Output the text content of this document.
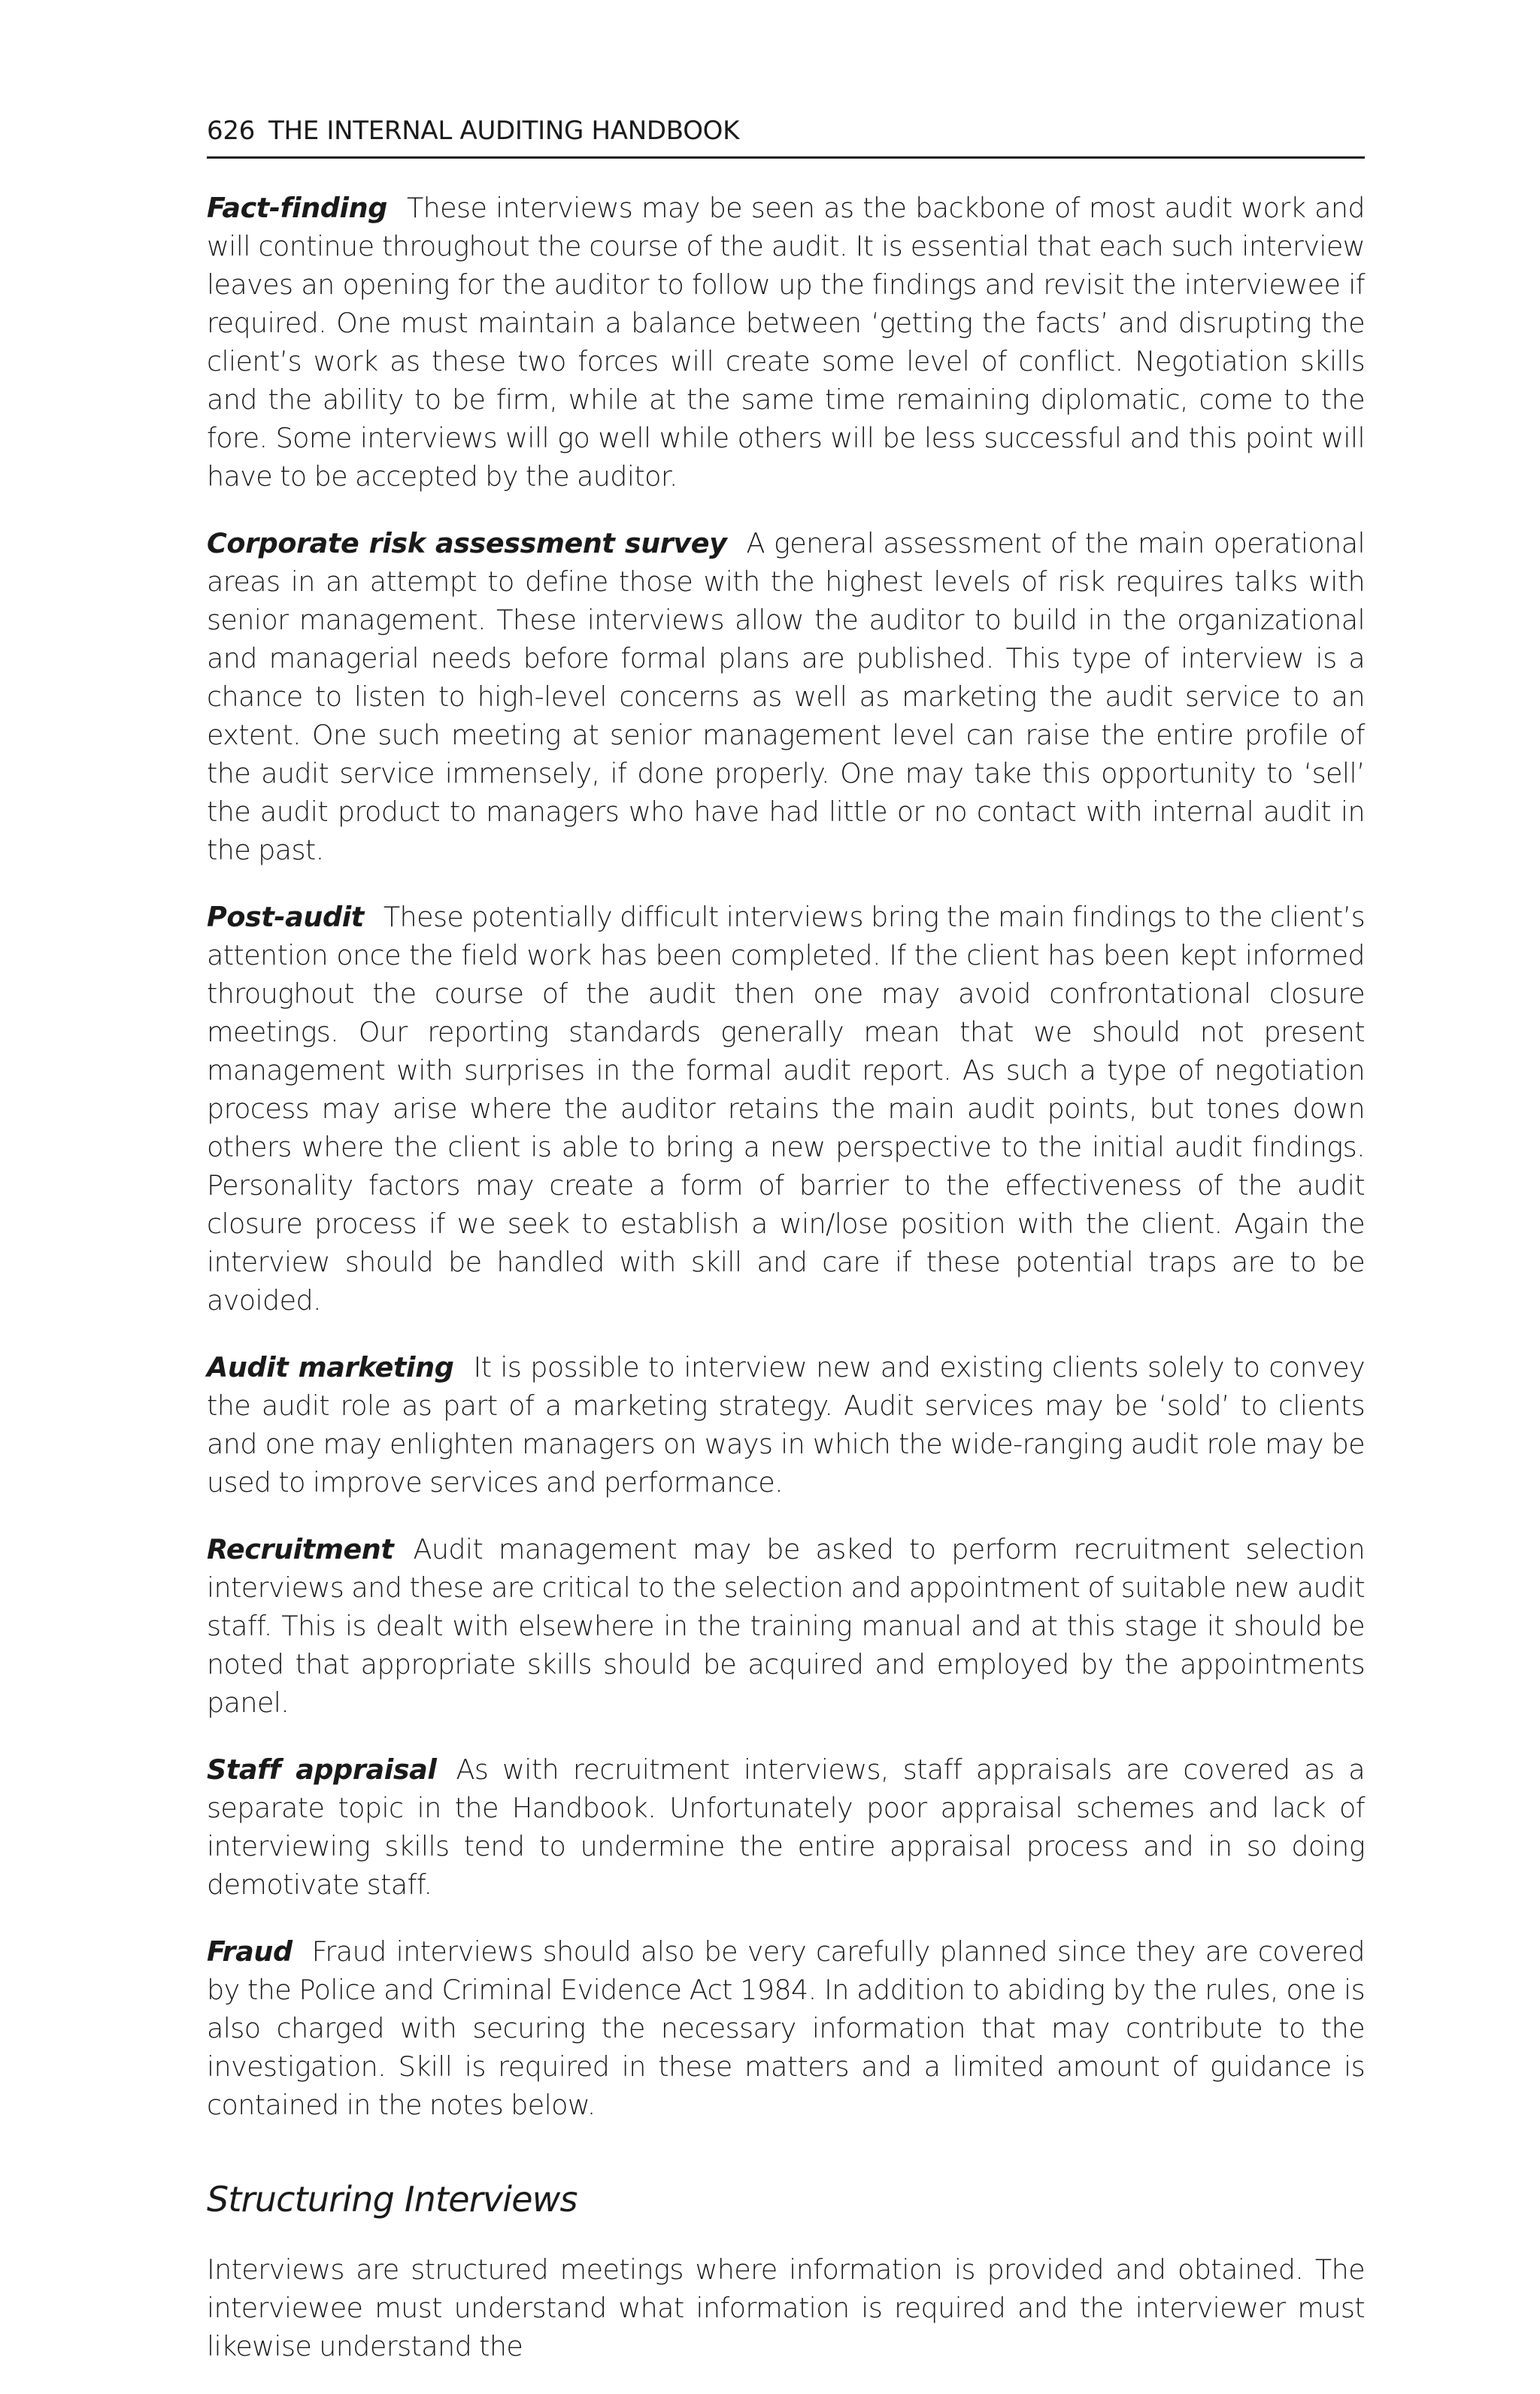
626 THE INTERNAL AUDITING HANDBOOK

Fact-finding These interviews may be seen as the backbone of most audit work and will continue throughout the course of the audit. It is essential that each such interview leaves an opening for the auditor to follow up the findings and revisit the interviewee if required. One must maintain a balance between ‘getting the facts’ and disrupting the client’s work as these two forces will create some level of conflict. Negotiation skills and the ability to be firm, while at the same time remaining diplomatic, come to the fore. Some interviews will go well while others will be less successful and this point will have to be accepted by the auditor.

Corporate risk assessment survey A general assessment of the main operational areas in an attempt to define those with the highest levels of risk requires talks with senior management. These interviews allow the auditor to build in the organizational and managerial needs before formal plans are published. This type of interview is a chance to listen to high-level concerns as well as marketing the audit service to an extent. One such meeting at senior management level can raise the entire profile of the audit service immensely, if done properly. One may take this opportunity to ‘sell’ the audit product to managers who have had little or no contact with internal audit in the past.

Post-audit These potentially difficult interviews bring the main findings to the client’s attention once the field work has been completed. If the client has been kept informed throughout the course of the audit then one may avoid confrontational closure meetings. Our reporting standards generally mean that we should not present management with surprises in the formal audit report. As such a type of negotiation process may arise where the auditor retains the main audit points, but tones down others where the client is able to bring a new perspective to the initial audit findings. Personality factors may create a form of barrier to the effectiveness of the audit closure process if we seek to establish a win/lose position with the client. Again the interview should be handled with skill and care if these potential traps are to be avoided.

Audit marketing It is possible to interview new and existing clients solely to convey the audit role as part of a marketing strategy. Audit services may be ‘sold’ to clients and one may enlighten managers on ways in which the wide-ranging audit role may be used to improve services and performance.

Recruitment Audit management may be asked to perform recruitment selection interviews and these are critical to the selection and appointment of suitable new audit staff. This is dealt with elsewhere in the training manual and at this stage it should be noted that appropriate skills should be acquired and employed by the appointments panel.

Staff appraisal As with recruitment interviews, staff appraisals are covered as a separate topic in the Handbook. Unfortunately poor appraisal schemes and lack of interviewing skills tend to undermine the entire appraisal process and in so doing demotivate staff.

Fraud Fraud interviews should also be very carefully planned since they are covered by the Police and Criminal Evidence Act 1984. In addition to abiding by the rules, one is also charged with securing the necessary information that may contribute to the investigation. Skill is required in these matters and a limited amount of guidance is contained in the notes below.

Structuring Interviews

Interviews are structured meetings where information is provided and obtained. The interviewee must understand what information is required and the interviewer must likewise understand the
